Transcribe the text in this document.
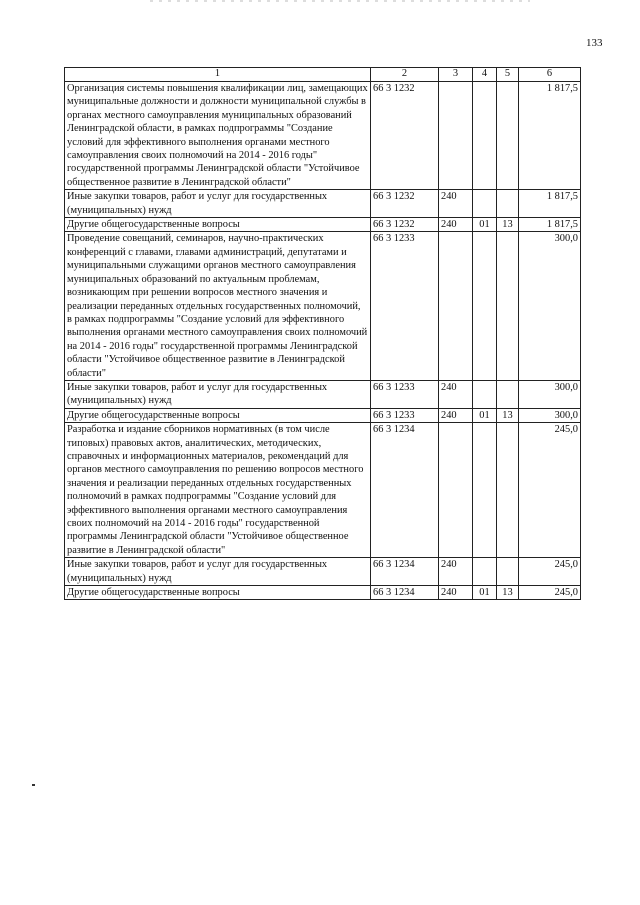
133
1	2	3	4	5	6
Организация системы повышения квалификации лиц, замещающих муниципальные должности и должности муниципальной службы в органах местного самоуправления муниципальных образований Ленинградской области, в рамках подпрограммы "Создание условий для эффективного выполнения органами местного самоуправления своих полномочий на 2014 - 2016 годы" государственной программы Ленинградской области "Устойчивое общественное развитие в Ленинградской области"	66 3 1232				1 817,5
Иные закупки товаров, работ и услуг для государственных (муниципальных) нужд	66 3 1232	240			1 817,5
Другие общегосударственные вопросы	66 3 1232	240	01	13	1 817,5
Проведение совещаний, семинаров, научно-практических конференций с главами, главами администраций, депутатами и муниципальными служащими органов местного самоуправления муниципальных образований по актуальным проблемам, возникающим при решении вопросов местного значения и реализации переданных отдельных государственных полномочий, в рамках подпрограммы "Создание условий для эффективного выполнения органами местного самоуправления своих полномочий на 2014 - 2016 годы" государственной программы Ленинградской области "Устойчивое общественное развитие в Ленинградской области"	66 3 1233				300,0
Иные закупки товаров, работ и услуг для государственных (муниципальных) нужд	66 3 1233	240			300,0
Другие общегосударственные вопросы	66 3 1233	240	01	13	300,0
Разработка и издание сборников нормативных (в том числе типовых) правовых актов, аналитических, методических, справочных и информационных материалов, рекомендаций для органов местного самоуправления по решению вопросов местного значения и реализации переданных отдельных государственных полномочий в рамках подпрограммы "Создание условий для эффективного выполнения органами местного самоуправления своих полномочий на 2014 - 2016 годы" государственной программы Ленинградской области "Устойчивое общественное развитие в Ленинградской области"	66 3 1234				245,0
Иные закупки товаров, работ и услуг для государственных (муниципальных) нужд	66 3 1234	240			245,0
Другие общегосударственные вопросы	66 3 1234	240	01	13	245,0
